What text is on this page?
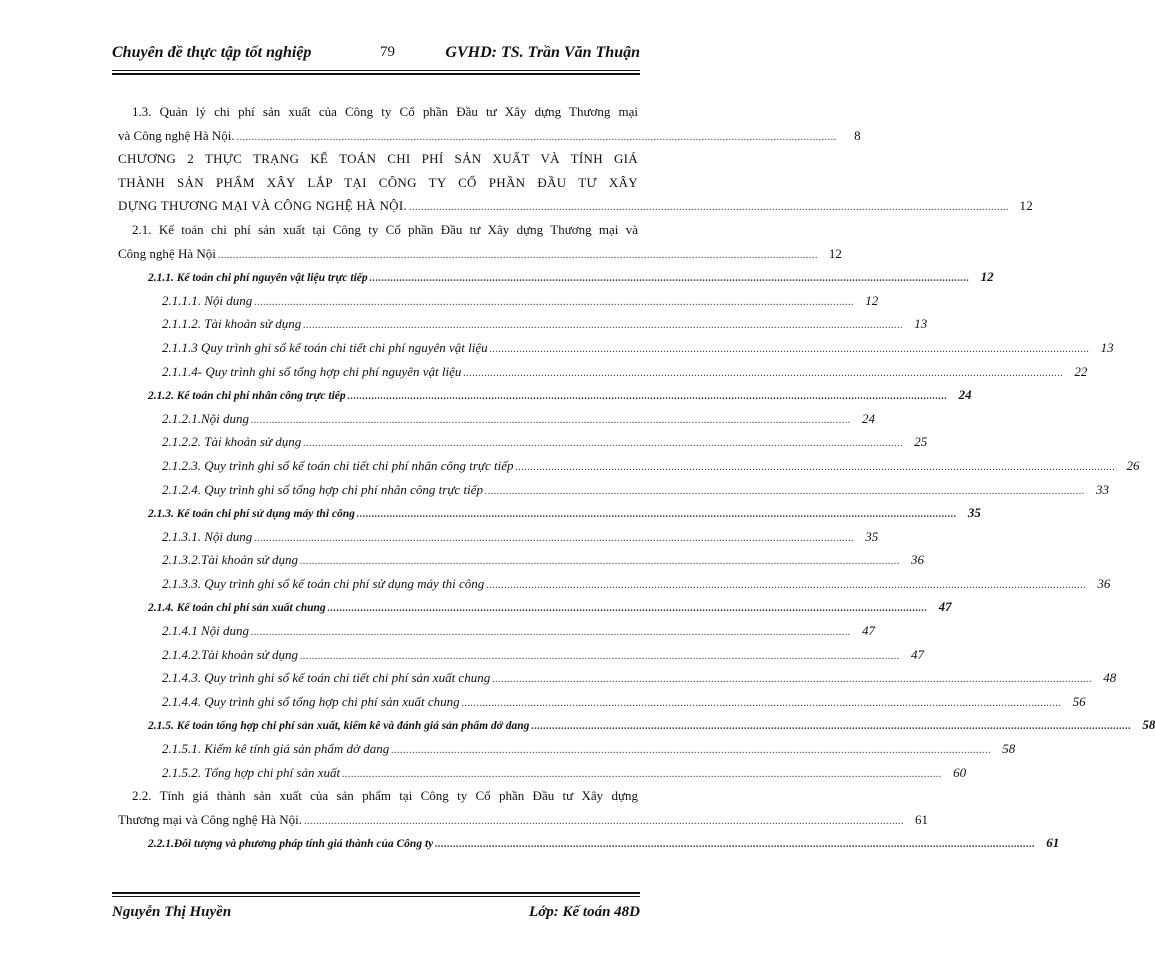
Chuyên đề thực tập tốt nghiệp	79	GVHD: TS. Trần Văn Thuận
1.3. Quản lý chi phí sản xuất của Công ty Cổ phần Đầu tư Xây dựng Thương mại
và Công nghệ Hà Nội. ........................................................................................................................................................................................................	8
CHƯƠNG 2 THỰC TRẠNG KẾ TOÁN CHI PHÍ SẢN XUẤT VÀ TÍNH GIÁ
THÀNH SẢN PHẨM XÂY LẮP TẠI CÔNG TY CỔ PHẦN ĐẦU TƯ XÂY
DỰNG THƯƠNG MẠI VÀ CÔNG NGHỆ HÀ NỘI. ........................................................................................................................................................................................................ 12
2.1. Kế toán chi phí sản xuất tại Công ty Cổ phần Đầu tư Xây dựng Thương mại và
Công nghệ Hà Nội ........................................................................................................................................................................................................ 12
2.1.1. Kế toán chi phí nguyên vật liệu trực tiếp ........................................................................................................................................................................................................ 12
2.1.1.1. Nội dung ........................................................................................................................................................................................................ 12
2.1.1.2. Tài khoản sử dụng ........................................................................................................................................................................................................ 13
2.1.1.3 Quy trình ghi sổ kế toán chi tiết chi phí nguyên vật liệu ........................................................................................................................................................................................................ 13
2.1.1.4- Quy trình ghi sổ tổng hợp chi phí nguyên vật liệu ........................................................................................................................................................................................................ 22
2.1.2. Kế toán chi phí nhân công trực tiếp ........................................................................................................................................................................................................ 24
2.1.2.1.Nội dung ........................................................................................................................................................................................................ 24
2.1.2.2. Tài khoản sử dụng ........................................................................................................................................................................................................ 25
2.1.2.3. Quy trình ghi sổ kế toán chi tiết chi phí nhân công trực tiếp ........................................................................................................................................................................................................ 26
2.1.2.4. Quy trình ghi sổ tổng hợp chi phí nhân công trực tiếp ........................................................................................................................................................................................................ 33
2.1.3. Kế toán chi phí sử dụng máy thi công ........................................................................................................................................................................................................ 35
2.1.3.1. Nội dung ........................................................................................................................................................................................................ 35
2.1.3.2.Tài khoản sử dụng ........................................................................................................................................................................................................ 36
2.1.3.3. Quy trình ghi sổ kế toán chi phí sử dụng máy thi công ........................................................................................................................................................................................................ 36
2.1.4. Kế toán chi phí sản xuất chung ........................................................................................................................................................................................................ 47
2.1.4.1 Nội dung ........................................................................................................................................................................................................ 47
2.1.4.2.Tài khoản sử dụng ........................................................................................................................................................................................................ 47
2.1.4.3. Quy trình ghi sổ kế toán chi tiết chi phí sản xuất chung ........................................................................................................................................................................................................ 48
2.1.4.4. Quy trình ghi sổ tổng hợp chi phí sản xuất chung ........................................................................................................................................................................................................ 56
2.1.5. Kế toán tổng hợp chi phí sản xuất, kiểm kê và đánh giá sản phẩm dở dang ........................................................................................................................................................................................................ 58
2.1.5.1. Kiểm kê tính giá sản phẩm dở dang ........................................................................................................................................................................................................ 58
2.1.5.2. Tổng hợp chi phí sản xuất ........................................................................................................................................................................................................ 60
2.2. Tính giá thành sản xuất của sản phẩm tại Công ty Cổ phần Đầu tư Xây dựng
Thương mại và Công nghệ Hà Nội. ........................................................................................................................................................................................................ 61
2.2.1.Đối tượng và phương pháp tính giá thành của Công ty ........................................................................................................................................................................................................ 61
Nguyễn Thị Huyền	Lớp: Kế toán 48D
